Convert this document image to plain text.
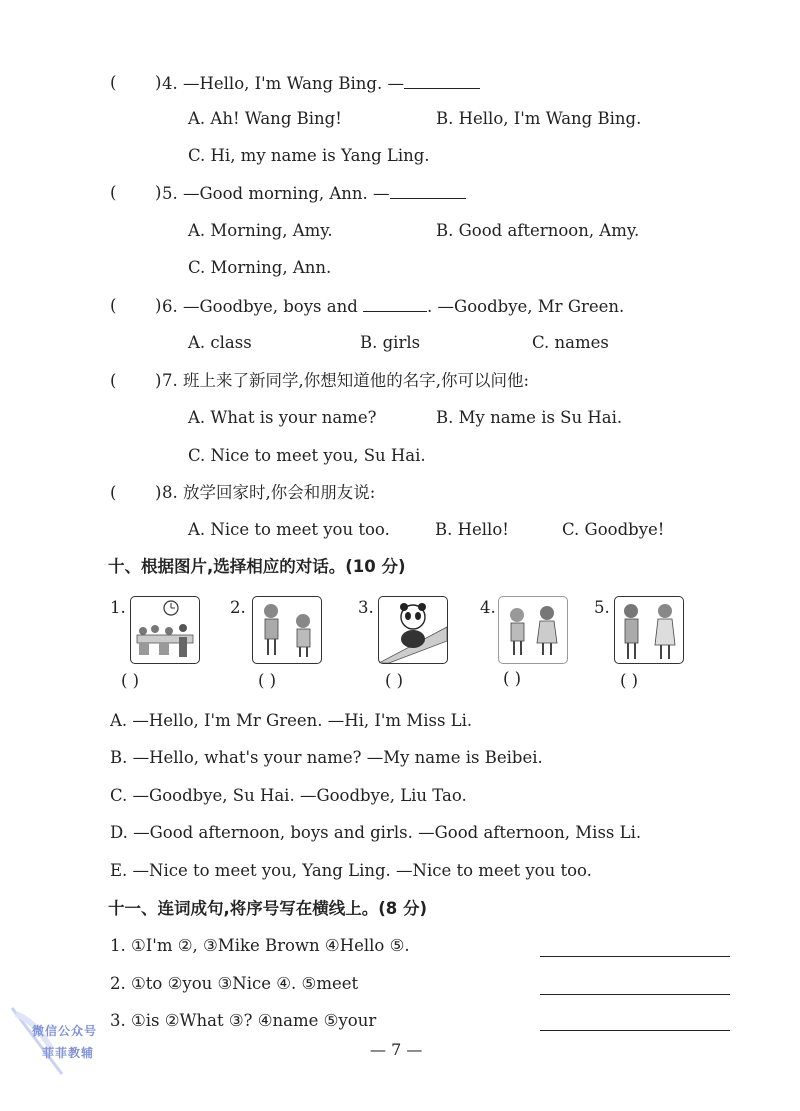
( ) 4. —Hello, I'm Wang Bing. —
A. Ah! Wang Bing!	B. Hello, I'm Wang Bing.
C. Hi, my name is Yang Ling.
( ) 5. —Good morning, Ann. —
A. Morning, Amy.	B. Good afternoon, Amy.
C. Morning, Ann.
( ) 6. —Goodbye, boys and	. —Goodbye, Mr Green.
A. class	B. girls	C. names
( ) 7. 班上来了新同学,你想知道他的名字,你可以问他:
A. What is your name?	B. My name is Su Hai.
C. Nice to meet you, Su Hai.
( ) 8. 放学回家时,你会和朋友说:
A. Nice to meet you too.	B. Hello!	C. Goodbye!
十、根据图片,选择相应的对话。(10 分)
1.
( )
2.
( )
3.
( )
4.
( )
5.
( )
A. —Hello, I'm Mr Green. —Hi, I'm Miss Li.
B. —Hello, what's your name? —My name is Beibei.
C. —Goodbye, Su Hai. —Goodbye, Liu Tao.
D. —Good afternoon, boys and girls. —Good afternoon, Miss Li.
E. —Nice to meet you, Yang Ling. —Nice to meet you too.
十一、连词成句,将序号写在横线上。(8 分)
1. ①I'm ②, ③Mike Brown ④Hello ⑤.
2. ①to ②you ③Nice ④. ⑤meet
3. ①is ②What ③? ④name ⑤your
微信公众号
菲菲教辅	— 7 —
